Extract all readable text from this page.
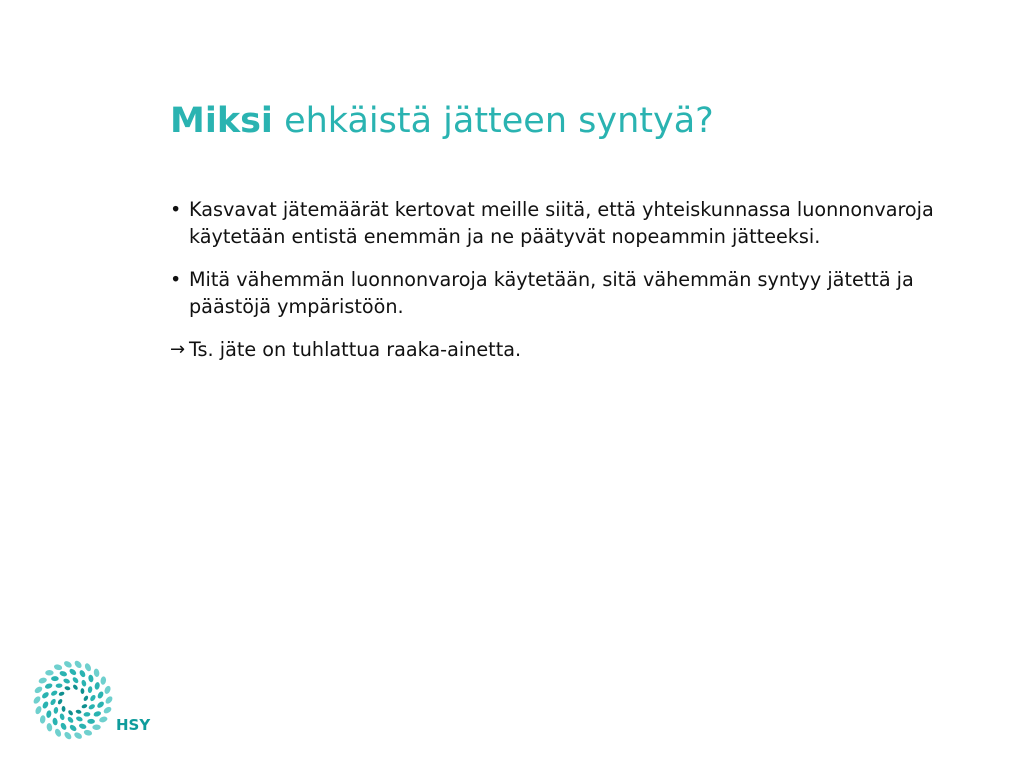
Miksi ehkäistä jätteen syntyä?

• Kasvavat jätemäärät kertovat meille siitä, että yhteiskunnassa luonnonvaroja käytetään entistä enemmän ja ne päätyvät nopeammin jätteeksi.

• Mitä vähemmän luonnonvaroja käytetään, sitä vähemmän syntyy jätettä ja päästöjä ympäristöön.

→ Ts. jäte on tuhlattua raaka-ainetta.

HSY
